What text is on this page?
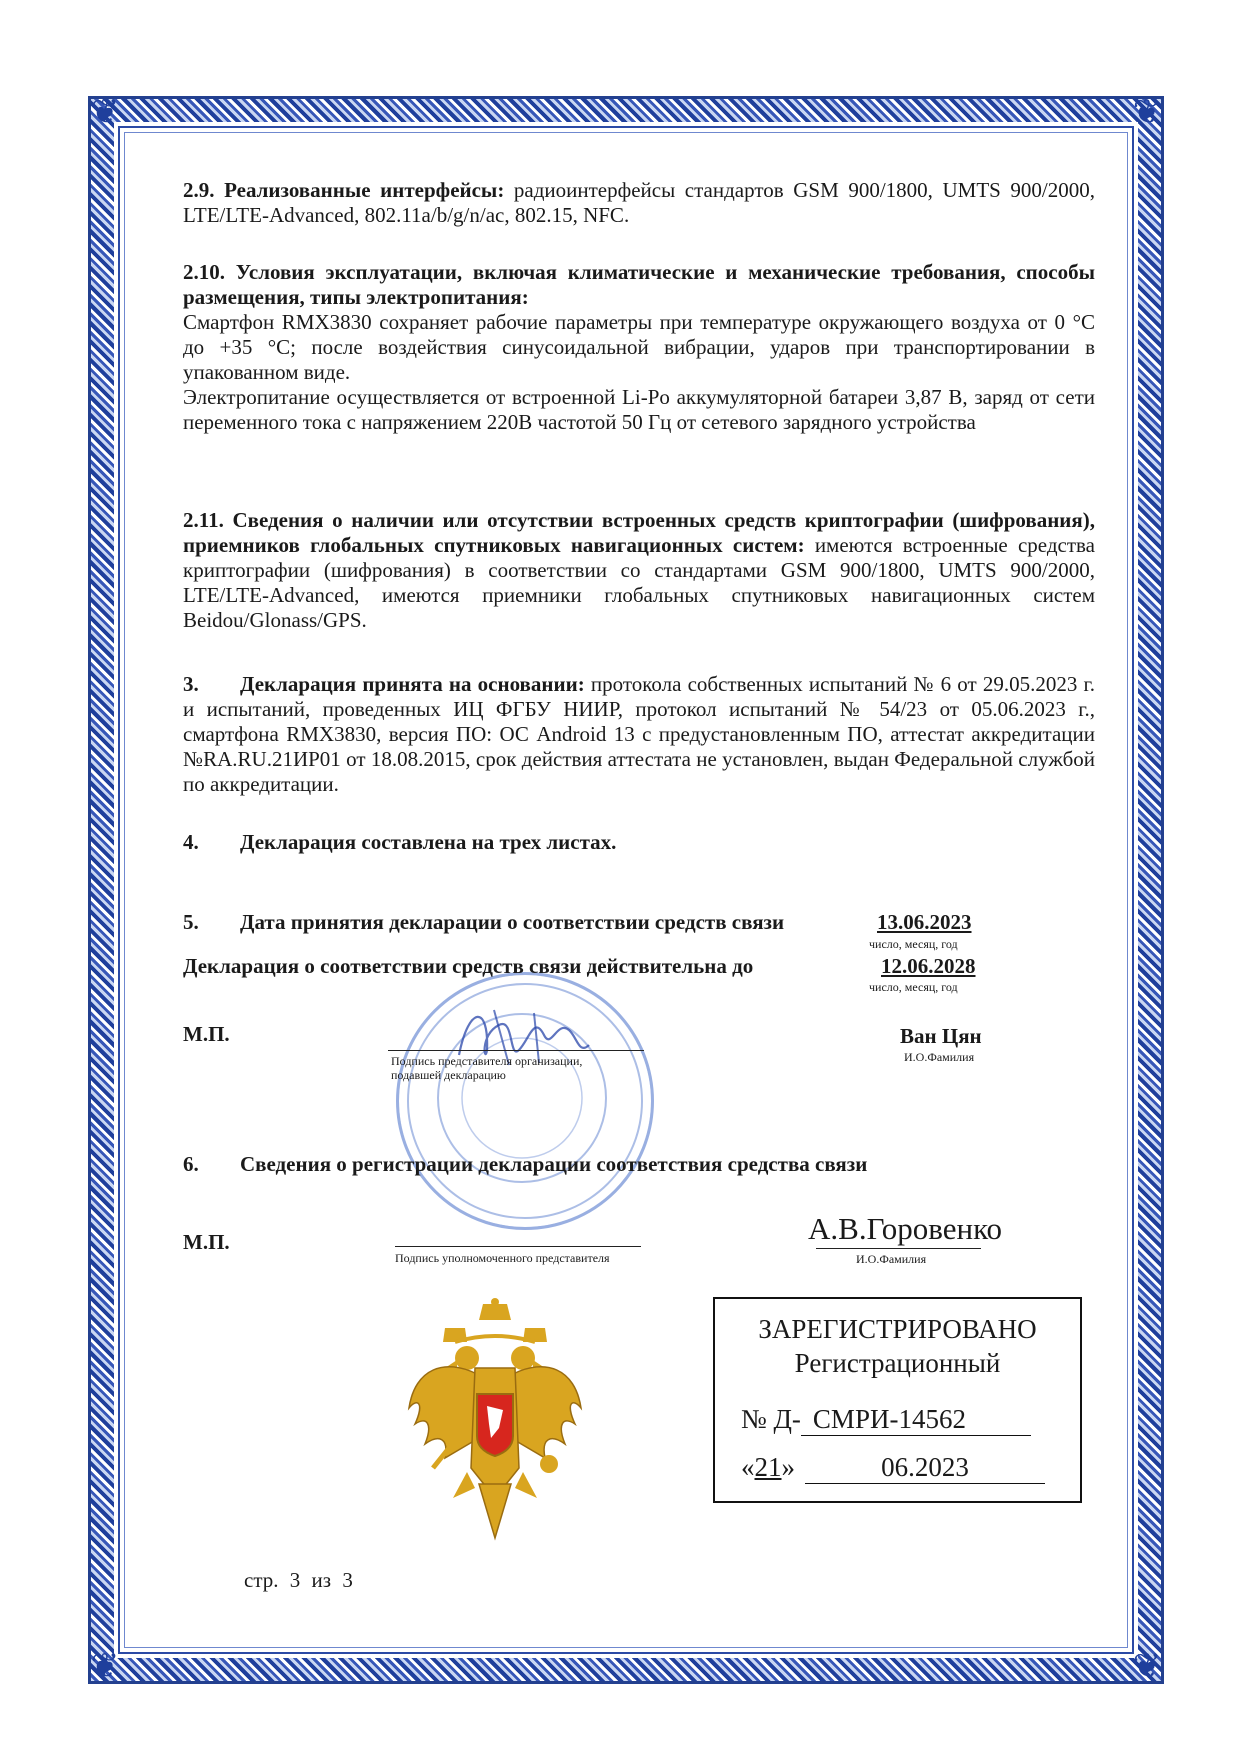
❦	❦
❦	❦

2.9. Реализованные интерфейсы: радиоинтерфейсы стандартов GSM 900/1800, UMTS 900/2000, LTE/LTE-Advanced, 802.11a/b/g/n/ac, 802.15, NFC.

2.10. Условия эксплуатации, включая климатические и механические требования, способы размещения, типы электропитания:

Смартфон RMX3830 сохраняет рабочие параметры при температуре окружающего воздуха от 0 °С до +35 °С; после воздействия синусоидальной вибрации, ударов при транспортировании в упакованном виде.

Электропитание осуществляется от встроенной Li-Po аккумуляторной батареи 3,87 В, заряд от сети переменного тока с напряжением 220В частотой 50 Гц от сетевого зарядного устройства

2.11. Сведения о наличии или отсутствии встроенных средств криптографии (шифрования), приемников глобальных спутниковых навигационных систем: имеются встроенные средства криптографии (шифрования) в соответствии со стандартами GSM 900/1800, UMTS 900/2000, LTE/LTE-Advanced, имеются приемники глобальных спутниковых навигационных систем Beidou/Glonass/GPS.

3. Декларация принята на основании: протокола собственных испытаний № 6 от 29.05.2023 г. и испытаний, проведенных ИЦ ФГБУ НИИР, протокол испытаний № 54/23 от 05.06.2023 г., смартфона RMX3830, версия ПО: ОС Android 13 с предустановленным ПО, аттестат аккредитации №RA.RU.21ИР01 от 18.08.2015, срок действия аттестата не установлен, выдан Федеральной службой по аккредитации.

4. Декларация составлена на трех листах.

5. Дата принятия декларации о соответствии средств связи	13.06.2023
число, месяц, год

Декларация о соответствии средств связи действительна до	12.06.2028
число, месяц, год
М.П.
Подпись представителя организации,
подавшей декларацию
Ван Цян
И.О.Фамилия

6. Сведения о регистрации декларации соответствия средства связи

М.П.
Подпись уполномоченного представителя
А.В.Горовенко
И.О.Фамилия
ЗАРЕГИСТРИРОВАНО
Регистрационный
№ Д- СМРИ-14562
«21»	06.2023
стр. 3 из 3
